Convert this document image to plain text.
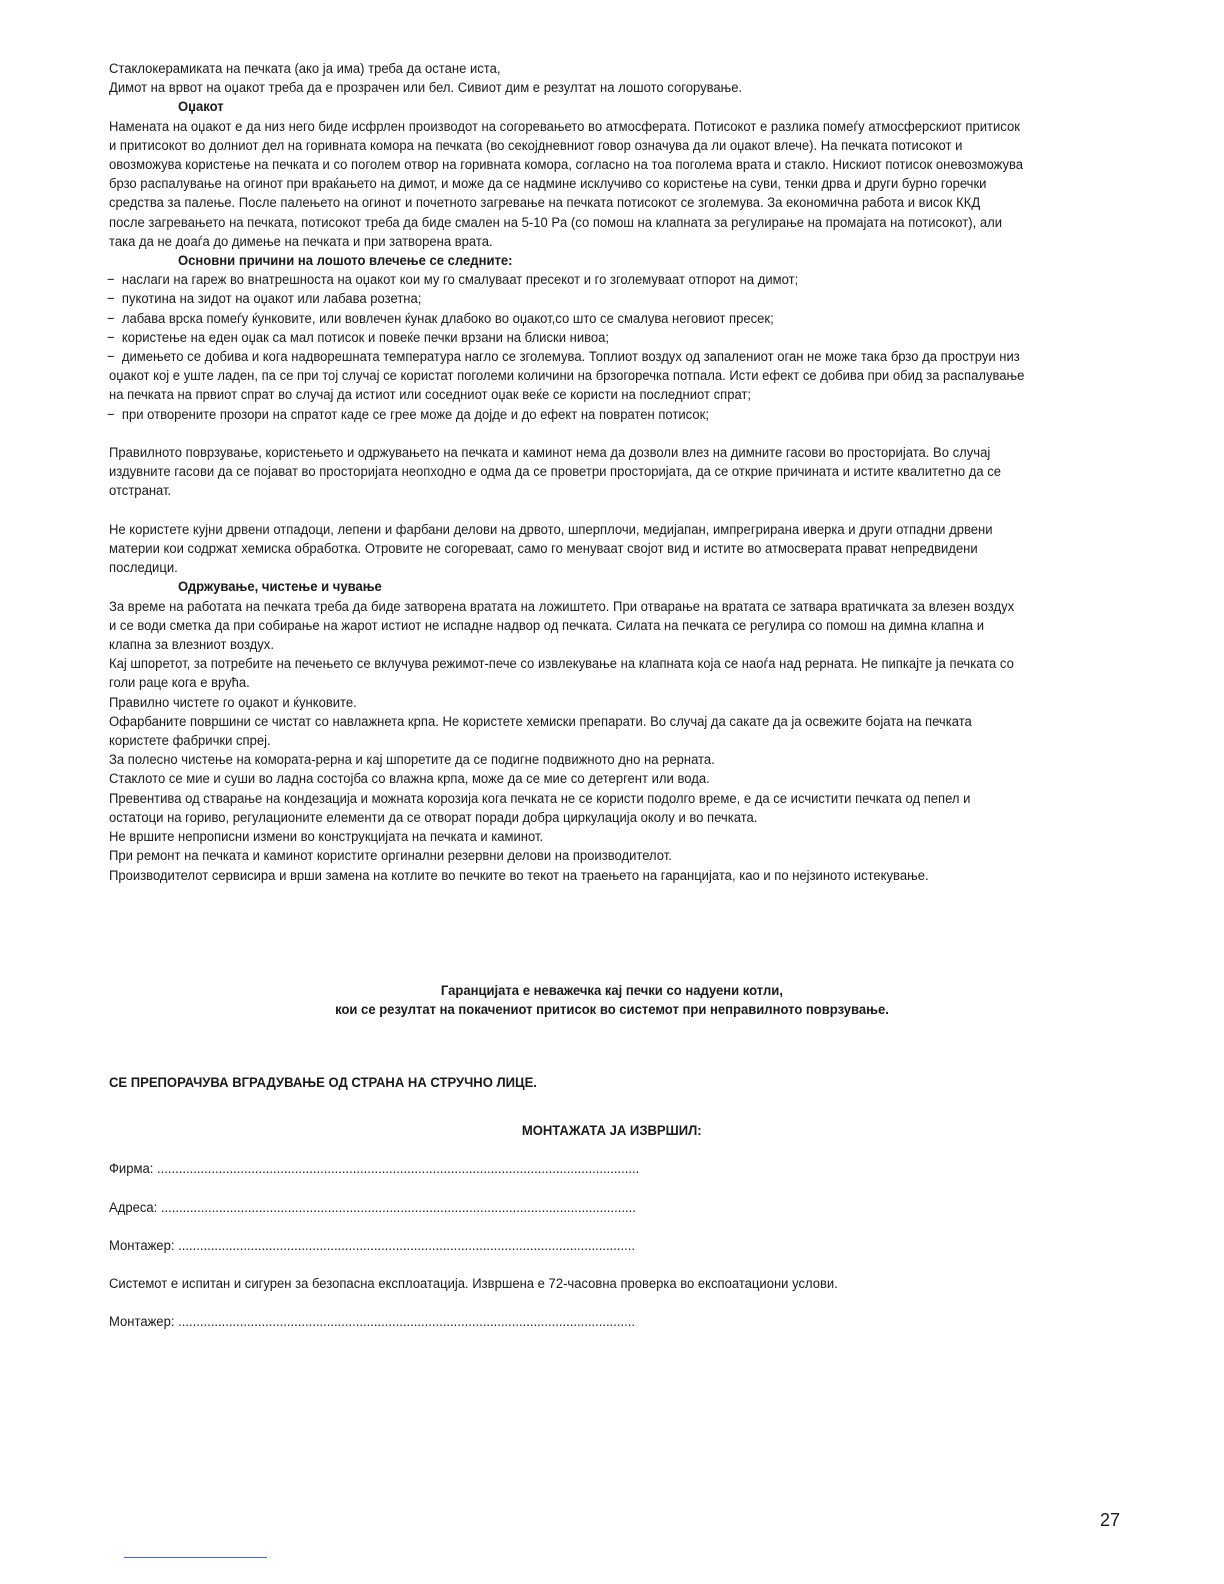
Стаклокерамиката на печката (ако ја има) треба да остане иста,
Димот на врвот на оџакот треба да е прозрачен или бел. Сивиот дим е резултат на лошото согорување.
Оџакот
Намената на оџакот е да низ него биде исфрлен производот на согоревањето во атмосферата. Потисокот е разлика помеѓу атмосферскиот притисок
и притисокот во долниот дел на горивната комора на печката (во секојдневниот говор означува да ли оџакот влече). На печката потисокот и
овозможува користење на печката и со поголем отвор на горивната комора, согласно на тоа поголема врата и стакло. Нискиот потисок оневозможува
брзо распалување на огинот при враќањето на димот, и може да се надмине исклучиво со користење на суви, тенки дрва и други бурно горечки
средства за палење. После палењето на огинот и почетното загревање на печката потисокот се зголемува. За економична работа и висок ККД
после загревањето на печката, потисокот треба да биде смален на 5-10 Pa (со помош на клапната за регулирање на промајата на потисокот), али
така да не доаѓа до димење на печката и при затворена врата.
Основни причини на лошото влечење се следните:
−  наслаги на гареж во внатрешноста на оџакот кои му го смалуваат пресекот и го зголемуваат отпорот на димот;
−  пукотина на зидот на оџакот или лабава розетна;
−  лабава врска помеѓу ќунковите, или вовлечен ќунак длабоко во оџакот,со што се смалува неговиот пресек;
−  користење на еден оџак са мал потисок и повеќе печки врзани на блиски нивоа;
−  димењето се добива и кога надворешната температура нагло се зголемува. Топлиот воздух од запалениот оган не може така брзо да проструи низ
оџакот кој е уште ладен, па се при тој случај се користат поголеми количини на брзогоречка потпала. Исти ефект се добива при обид за распалување
на печката на првиот спрат во случај да истиот или соседниот оџак веќе се користи на последниот спрат;
−  при отворените прозори на спратот каде се грее може да дојде и до ефект на повратен потисок;
Правилното поврзување, користењето и одржувањето на печката и каминот нема да дозволи влез на димните гасови во просторијата. Во случај
издувните гасови да се појават во просторијата неопходно е одма да се проветри просторијата, да се открие причината и истите квалитетно да се
отстранат.
Не користете кујни дрвени отпадоци, лепени и фарбани делови на дрвото, шперплочи, медијапан, импрегрирана иверка и други отпадни дрвени
материи кои содржат хемиска обработка. Отровите не согореваат, само го менуваат својот вид и истите во атмосверата прават непредвидени
последици.
Одржување, чистење и чување
За време на работата на печката треба да биде затворена вратата на ложиштето. При отварање на вратата се затвара вратичката за влезен воздух
и се води сметка да при собирање на жарот истиот не испадне надвор од печката. Силата на печката се регулира со помош на димна клапна и
клапна за влезниот воздух.
Кај шпоретот, за потребите на печењето се вклучува режимот-пече со извлекување на клапната која се наоѓа над рерната. Не пипкајте ја печката со
голи раце кога е врућа.
Правилно чистете го оџакот и ќунковите.
Офарбаните површини се чистат со навлажнета крпа. Не користете хемиски препарати. Во случај да сакате да ја освежите бојата на печката
користете фабрички спреј.
За полесно чистење на комората-рерна и кај шпоретите да се подигне подвижното дно на рерната.
Стаклото се мие и суши во ладна состојба со влажна крпа, може да се мие со детергент или вода.
Превентива од стварање на кондезација и можната корозија кога печката не се користи подолго време, е да се исчистити печката од пепел и
остатоци на гориво, регулационите елементи да се отворат поради добра циркулација околу и во печката.
Не вршите непрописни измени во конструкцијата на печката и каминот.
При ремонт на печката и каминот користите оргинални резервни делови на производителот.
Производителот сервисира и врши замена на котлите во печките во текот на траењето на гаранцијата, као и по нејзиното истекување.
Гаранцијата е неважечка кај печки со надуени котли,
кои се резултат на покачениот притисок во системот при неправилното поврзување.
СЕ ПРЕПОРАЧУВА ВГРАДУВАЊЕ ОД СТРАНА НА СТРУЧНО ЛИЦЕ.
МОНТАЖАТА ЈА ИЗВРШИЛ:
Фирма: .....................................................................................................................................
Адреса: ...................................................................................................................................
Монтажер: ..............................................................................................................................
Системот е испитан и сигурен за безопасна експлоатација. Извршена е 72-часовна проверка во експоатациони услови.
Монтажер: ..............................................................................................................................
27
